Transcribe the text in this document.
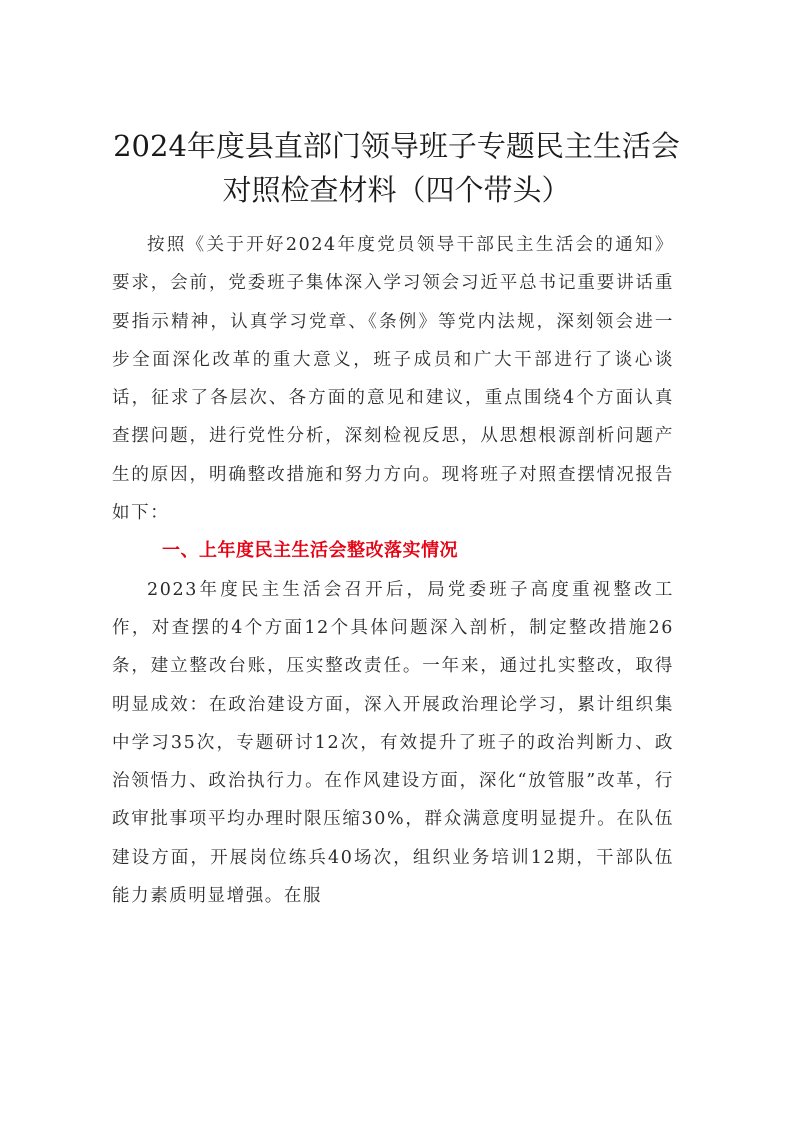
2024年度县直部门领导班子专题民主生活会
对照检查材料（四个带头）

按照《关于开好2024年度党员领导干部民主生活会的通知》要求，会前，党委班子集体深入学习领会习近平总书记重要讲话重要指示精神，认真学习党章、《条例》等党内法规，深刻领会进一步全面深化改革的重大意义，班子成员和广大干部进行了谈心谈话，征求了各层次、各方面的意见和建议，重点围绕4个方面认真查摆问题，进行党性分析，深刻检视反思，从思想根源剖析问题产生的原因，明确整改措施和努力方向。现将班子对照查摆情况报告如下：

一、上年度民主生活会整改落实情况

2023年度民主生活会召开后，局党委班子高度重视整改工作，对查摆的4个方面12个具体问题深入剖析，制定整改措施26条，建立整改台账，压实整改责任。一年来，通过扎实整改，取得明显成效：在政治建设方面，深入开展政治理论学习，累计组织集中学习35次，专题研讨12次，有效提升了班子的政治判断力、政治领悟力、政治执行力。在作风建设方面，深化“放管服”改革，行政审批事项平均办理时限压缩30%，群众满意度明显提升。在队伍建设方面，开展岗位练兵40场次，组织业务培训12期，干部队伍能力素质明显增强。在服
